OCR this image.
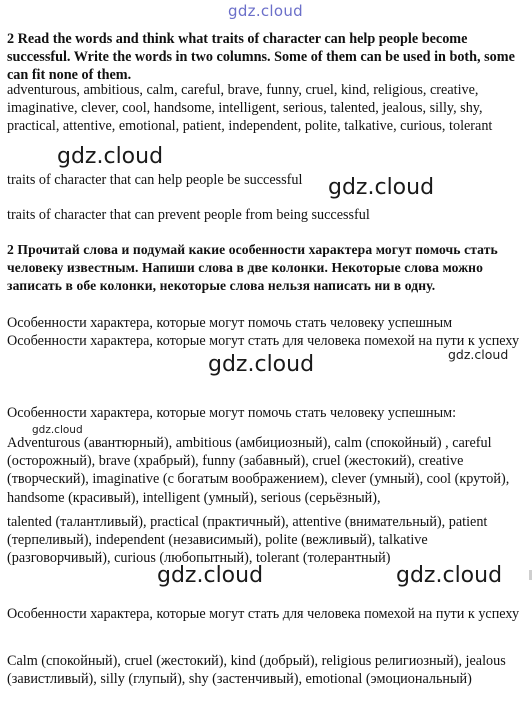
gdz.cloud

2 Read the words and think what traits of character can help people become successful. Write the words in two columns. Some of them can be used in both, some can fit none of them.

adventurous, ambitious, calm, careful, brave, funny, cruel, kind, religious, creative, imaginative, clever, cool, handsome, intelligent, serious, talented, jealous, silly, shy, practical, attentive, emotional, patient, independent, polite, talkative, curious, tolerant

gdz.cloud

traits of character that can help people be successful	gdz.cloud

traits of character that can prevent people from being successful

2 Прочитай слова и подумай какие особенности характера могут помочь стать человеку известным. Напиши слова в две колонки. Некоторые слова можно записать в обе колонки, некоторые слова нельзя написать ни в одну.

Особенности характера, которые могут помочь стать человеку успешным

Особенности характера, которые могут стать для человека помехой на пути к успеху

gdz.cloud
gdz.cloud

Особенности характера, которые могут помочь стать человеку успешным:

gdz.cloud

Adventurous (авантюрный), ambitious (амбициозный), calm (спокойный) , careful (осторожный), brave (храбрый), funny (забавный), cruel (жестокий), creative (творческий), imaginative (с богатым воображением), clever (умный), cool (крутой), handsome (красивый), intelligent (умный), serious (серьёзный),

talented (талантливый), practical (практичный), attentive (внимательный), patient (терпеливый), independent (независимый), polite (вежливый), talkative (разговорчивый), curious (любопытный), tolerant (толерантный)

gdz.cloud	gdz.cloud

Особенности характера, которые могут стать для человека помехой на пути к успеху

Calm (спокойный), cruel (жестокий), kind (добрый), religious религиозный), jealous (завистливый), silly (глупый), shy (застенчивый), emotional (эмоциональный)
